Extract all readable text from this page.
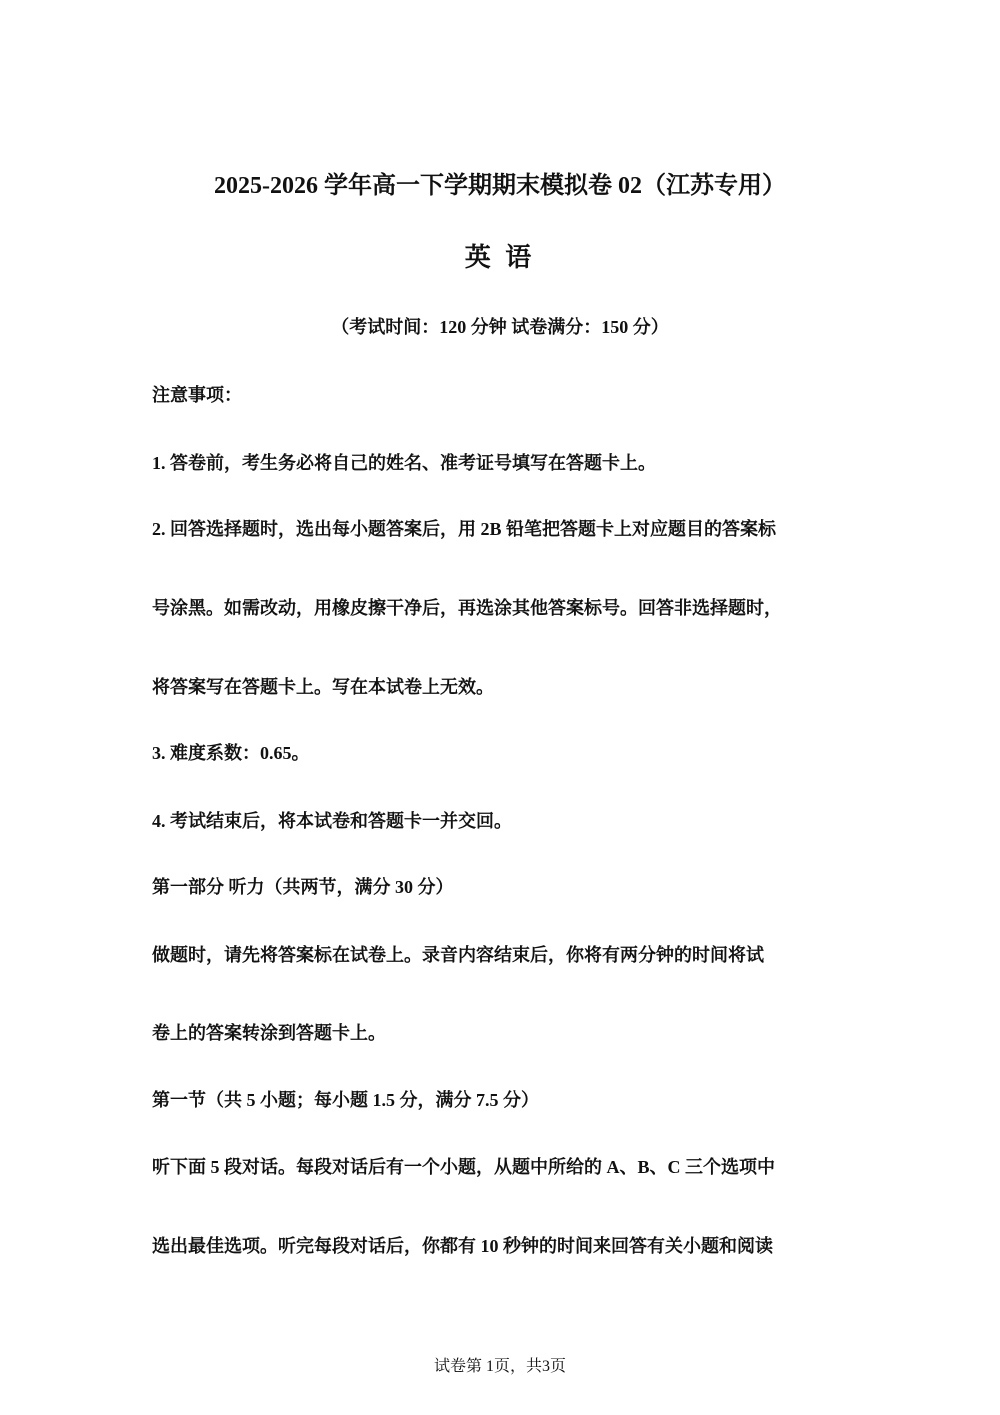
2025-2026 学年高一下学期期末模拟卷 02（江苏专用）
英 语
（考试时间：120 分钟 试卷满分：150 分）
注意事项：
1. 答卷前，考生务必将自己的姓名、准考证号填写在答题卡上。
2. 回答选择题时，选出每小题答案后，用 2B 铅笔把答题卡上对应题目的答案标
号涂黑。如需改动，用橡皮擦干净后，再选涂其他答案标号。回答非选择题时，
将答案写在答题卡上。写在本试卷上无效。
3. 难度系数：0.65。
4. 考试结束后，将本试卷和答题卡一并交回。
第一部分 听力（共两节，满分 30 分）
做题时，请先将答案标在试卷上。录音内容结束后，你将有两分钟的时间将试
卷上的答案转涂到答题卡上。
第一节（共 5 小题；每小题 1.5 分，满分 7.5 分）
听下面 5 段对话。每段对话后有一个小题，从题中所给的 A、B、C 三个选项中
选出最佳选项。听完每段对话后，你都有 10 秒钟的时间来回答有关小题和阅读
试卷第 1页，共3页
